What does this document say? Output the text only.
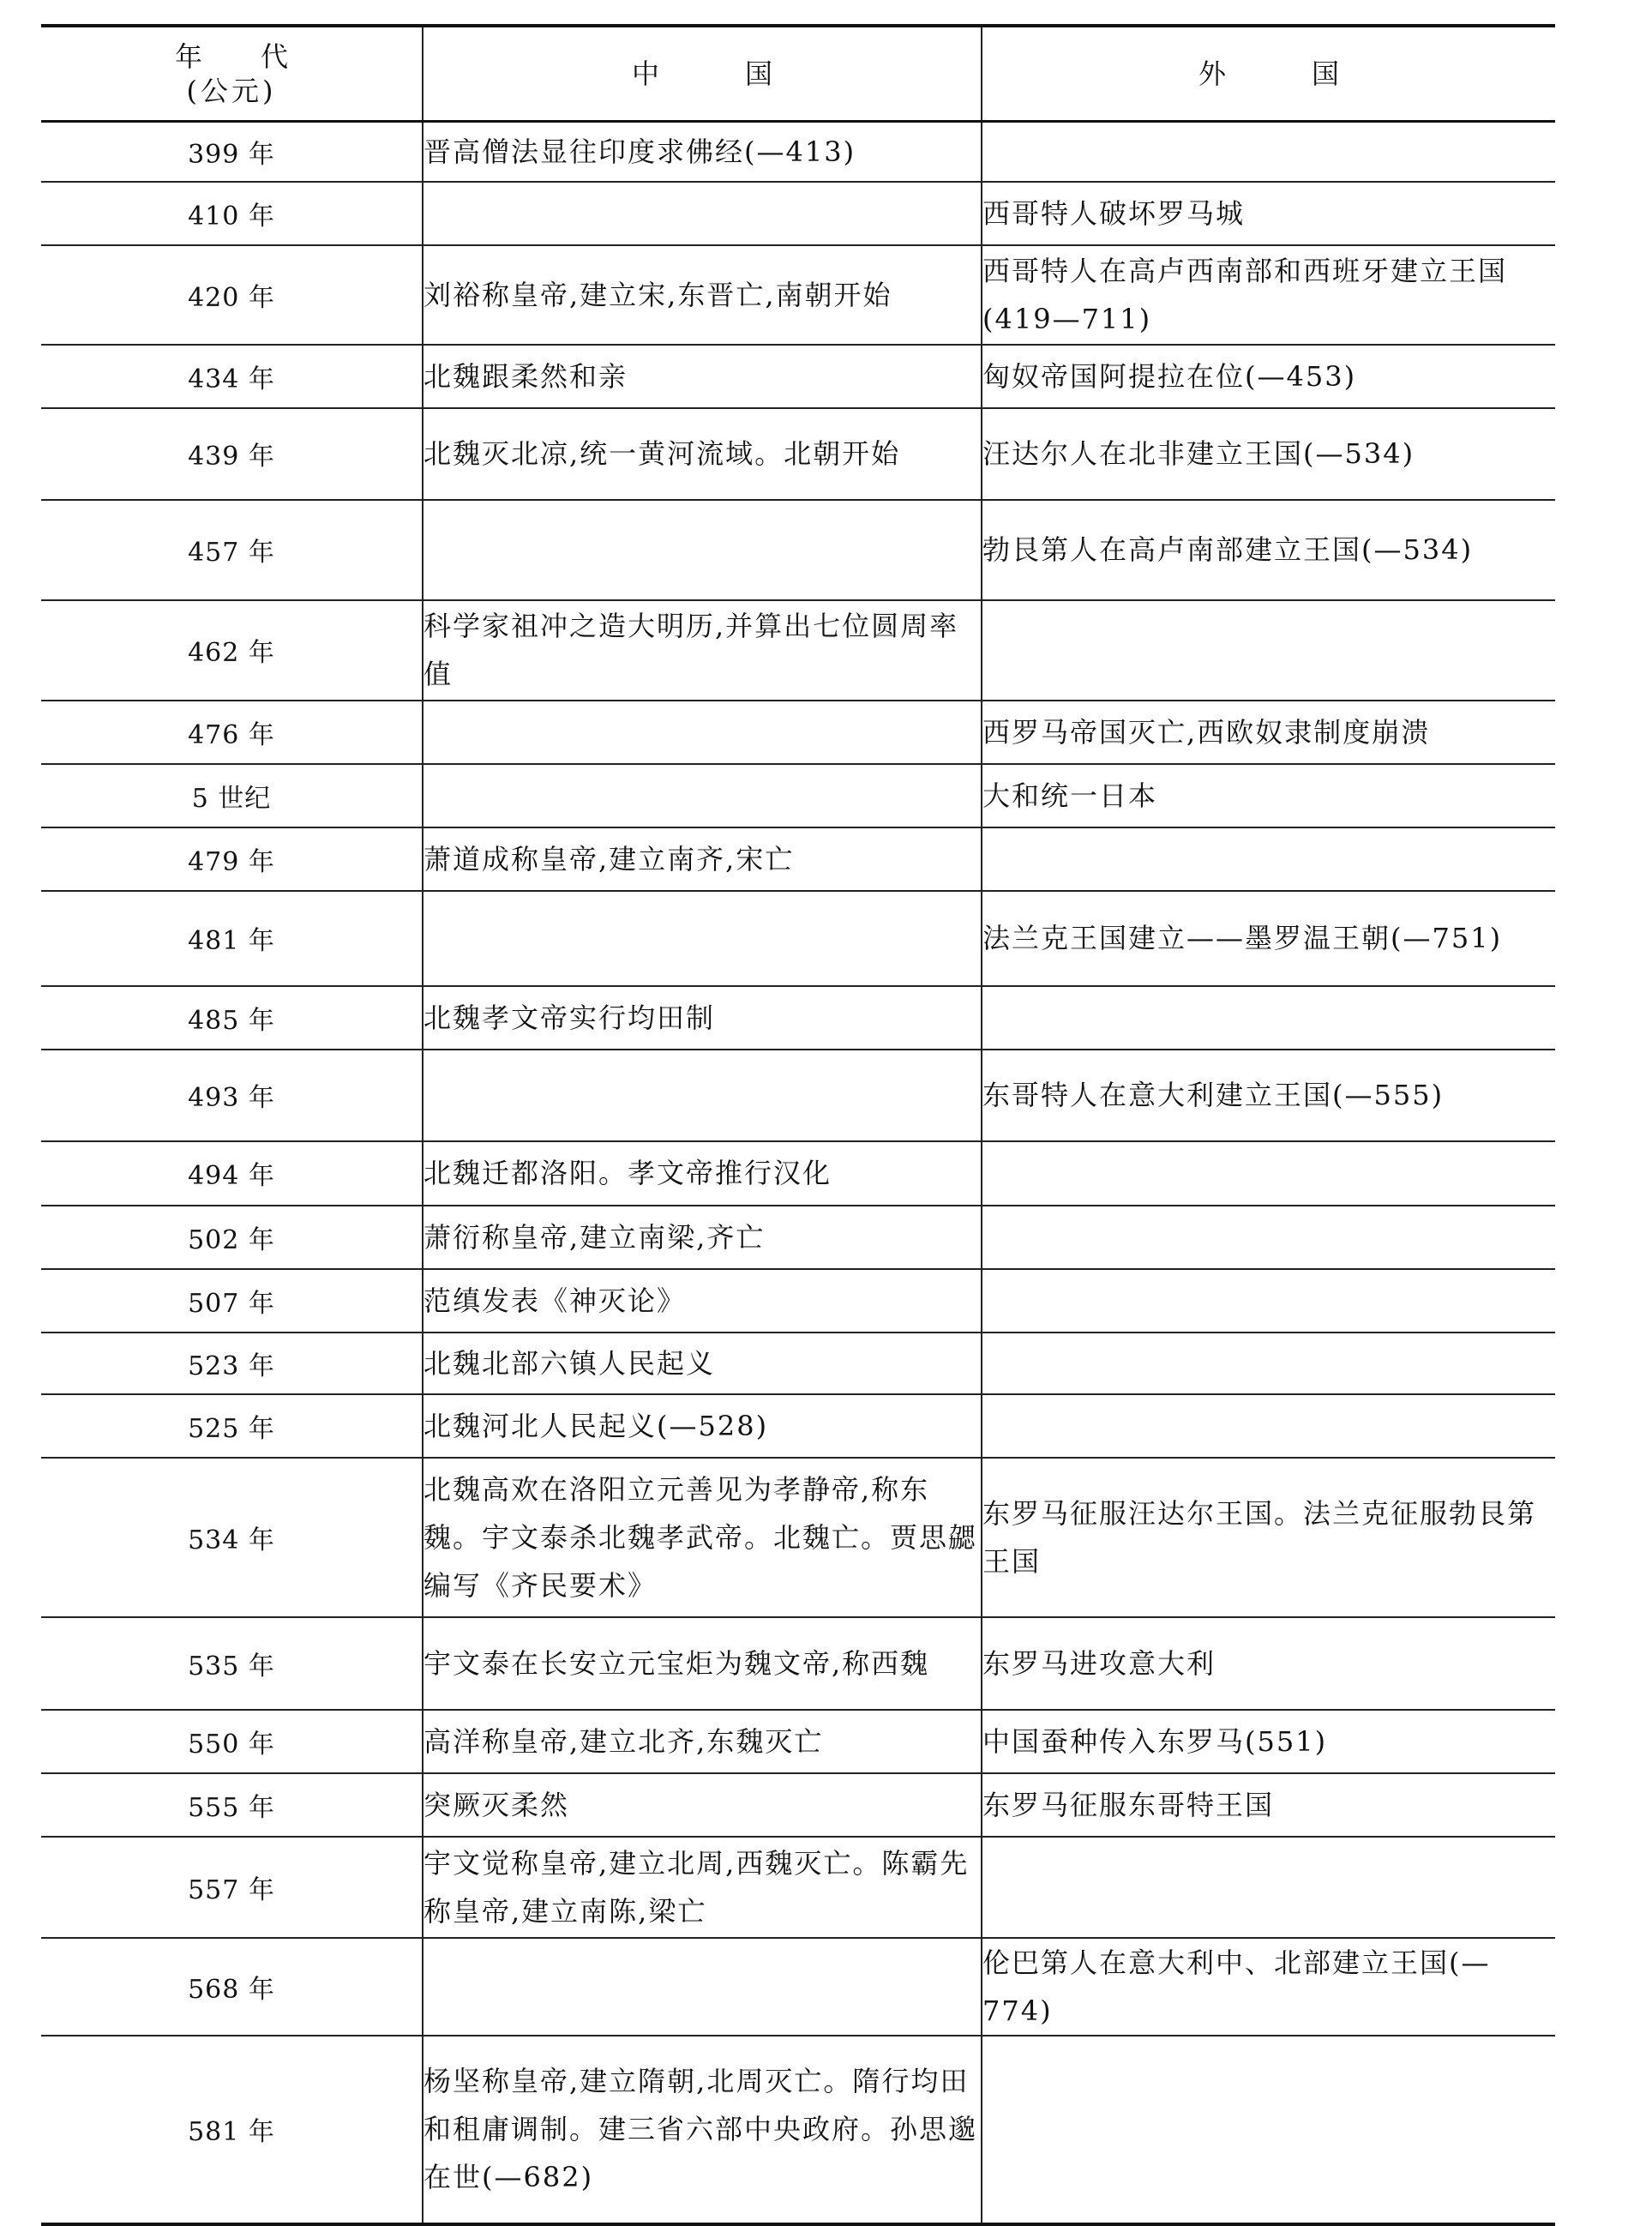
年代
(公元)	中国	外国
399 年	晋高僧法显往印度求佛经(—413)	
410 年		西哥特人破坏罗马城
420 年	刘裕称皇帝,建立宋,东晋亡,南朝开始	西哥特人在高卢西南部和西班牙建立王国(419—711)
434 年	北魏跟柔然和亲	匈奴帝国阿提拉在位(—453)
439 年	北魏灭北凉,统一黄河流域。北朝开始	汪达尔人在北非建立王国(—534)
457 年		勃艮第人在高卢南部建立王国(—534)
462 年	科学家祖冲之造大明历,并算出七位圆周率值	
476 年		西罗马帝国灭亡,西欧奴隶制度崩溃
5 世纪		大和统一日本
479 年	萧道成称皇帝,建立南齐,宋亡	
481 年		法兰克王国建立——墨罗温王朝(—751)
485 年	北魏孝文帝实行均田制	
493 年		东哥特人在意大利建立王国(—555)
494 年	北魏迁都洛阳。孝文帝推行汉化	
502 年	萧衍称皇帝,建立南梁,齐亡	
507 年	范缜发表《神灭论》	
523 年	北魏北部六镇人民起义	
525 年	北魏河北人民起义(—528)	
534 年	北魏高欢在洛阳立元善见为孝静帝,称东魏。宇文泰杀北魏孝武帝。北魏亡。贾思勰编写《齐民要术》	东罗马征服汪达尔王国。法兰克征服勃艮第王国
535 年	宇文泰在长安立元宝炬为魏文帝,称西魏	东罗马进攻意大利
550 年	高洋称皇帝,建立北齐,东魏灭亡	中国蚕种传入东罗马(551)
555 年	突厥灭柔然	东罗马征服东哥特王国
557 年	宇文觉称皇帝,建立北周,西魏灭亡。陈霸先称皇帝,建立南陈,梁亡	
568 年		伦巴第人在意大利中、北部建立王国(—774)
581 年	杨坚称皇帝,建立隋朝,北周灭亡。隋行均田和租庸调制。建三省六部中央政府。孙思邈在世(—682)	
